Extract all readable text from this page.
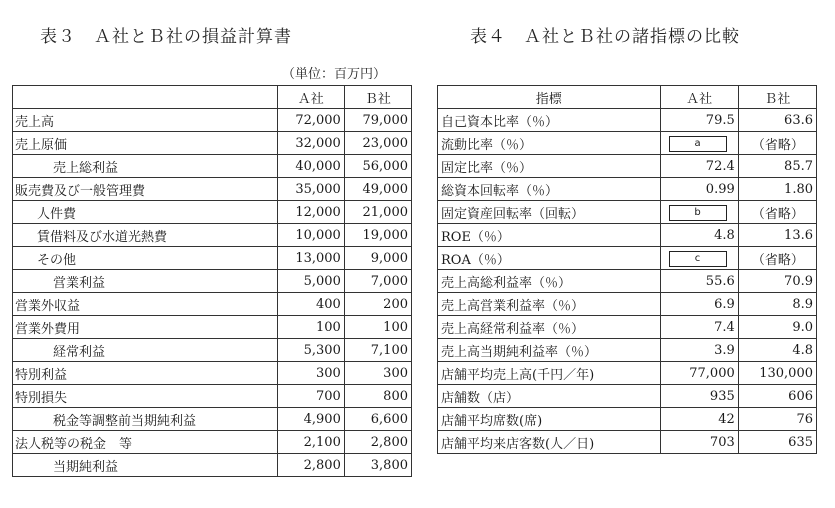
表３　Ａ社とＢ社の損益計算書	表４　Ａ社とＢ社の諸指標の比較
（単位：百万円）
	Ａ社	Ｂ社
売上高	72,000	79,000
売上原価	32,000	23,000
売上総利益	40,000	56,000
販売費及び一般管理費	35,000	49,000
人件費	12,000	21,000
賃借料及び水道光熱費	10,000	19,000
その他	13,000	9,000
営業利益	5,000	7,000
営業外収益	400	200
営業外費用	100	100
経常利益	5,300	7,100
特別利益	300	300
特別損失	700	800
税金等調整前当期純利益	4,900	6,600
法人税等の税金　等	2,100	2,800
当期純利益	2,800	3,800
指標	Ａ社	Ｂ社
自己資本比率（％）	79.5	63.6
流動比率（％）	a	（省略）
固定比率（％）	72.4	85.7
総資本回転率（％）	0.99	1.80
固定資産回転率（回転）	b	（省略）
ROE（％）	4.8	13.6
ROA（％）	c	（省略）
売上高総利益率（％）	55.6	70.9
売上高営業利益率（％）	6.9	8.9
売上高経常利益率（％）	7.4	9.0
売上高当期純利益率（％）	3.9	4.8
店舗平均売上高(千円／年)	77,000	130,000
店舗数（店）	935	606
店舗平均席数(席)	42	76
店舗平均来店客数(人／日)	703	635
